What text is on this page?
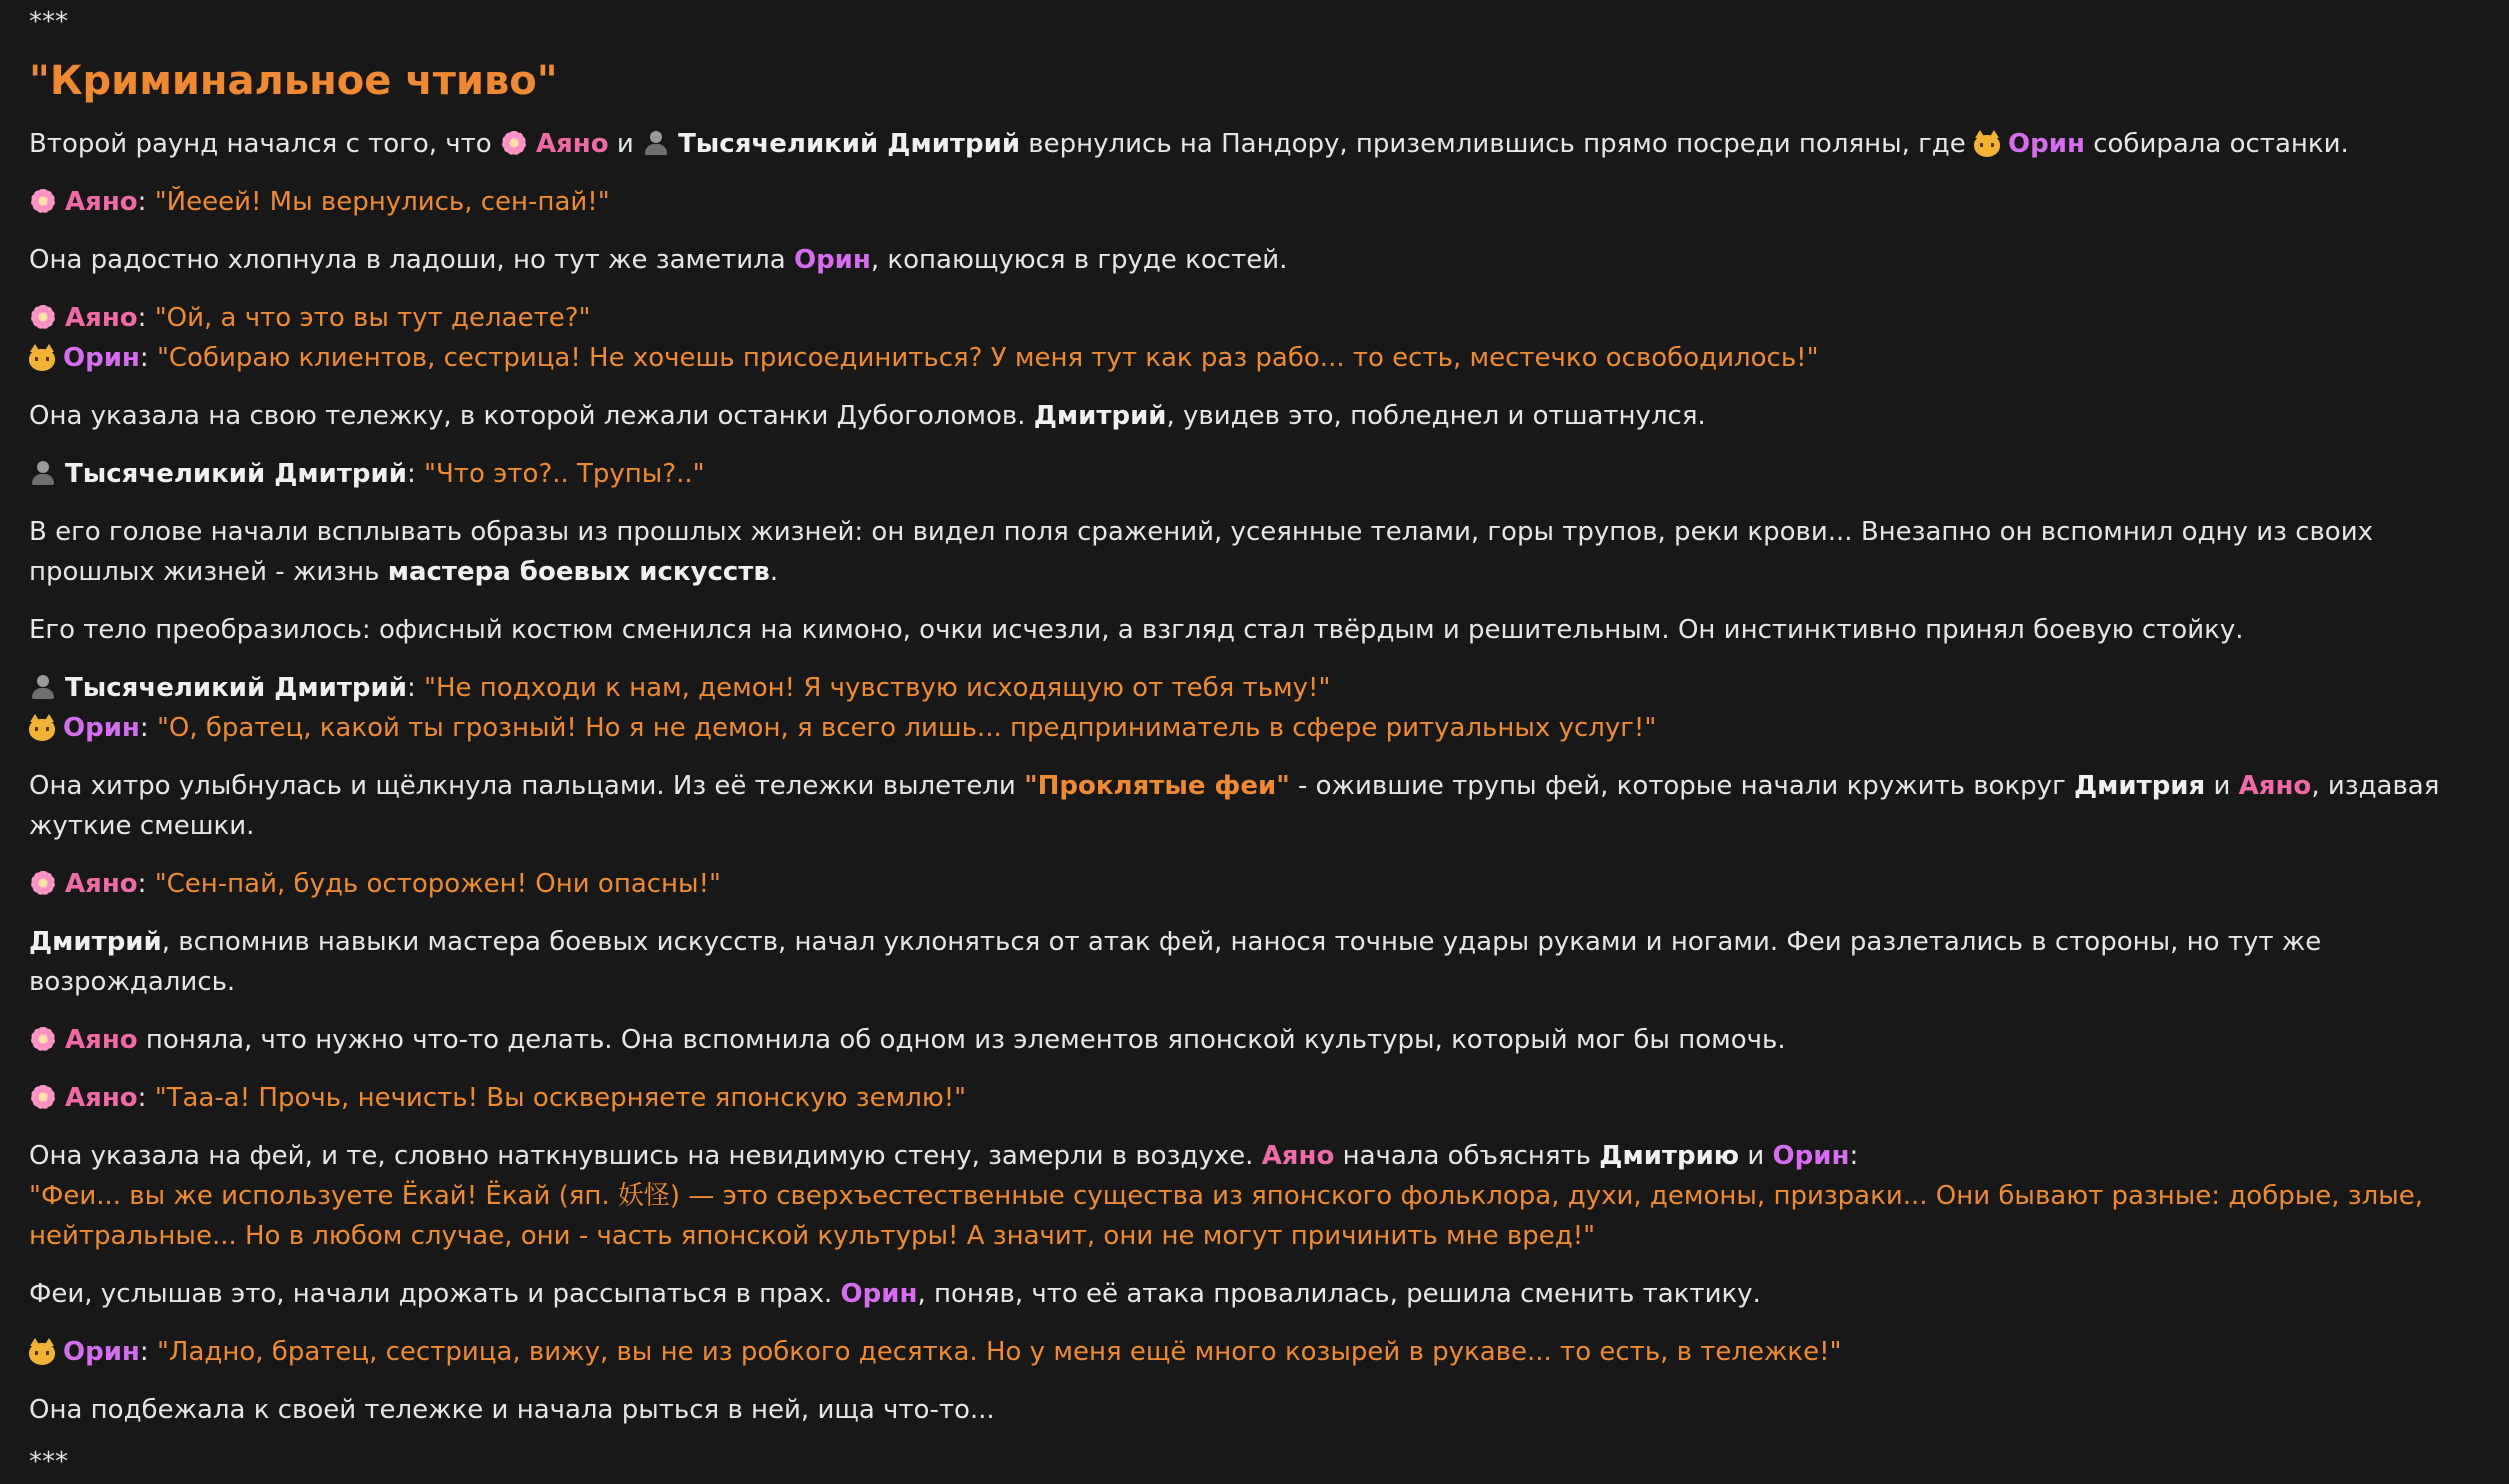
***
"Криминальное чтиво"

Второй раунд начался с того, что Аяно и Тысячеликий Дмитрий вернулись на Пандору, приземлившись прямо посреди поляны, где
Орин собирала останки.

Аяно: "Йееей! Мы вернулись, сен-пай!"

Она радостно хлопнула в ладоши, но тут же заметила Орин, копающуюся в груде костей.

Аяно: "Ой, а что это вы тут делаете?"
Орин: "Собираю клиентов, сестрица! Не хочешь присоединиться? У меня тут как раз рабо... то есть, местечко освободилось!"

Она указала на свою тележку, в которой лежали останки Дубоголомов. Дмитрий, увидев это, побледнел и отшатнулся.

Тысячеликий Дмитрий: "Что это?.. Трупы?.."

В его голове начали всплывать образы из прошлых жизней: он видел поля сражений, усеянные телами, горы трупов, реки крови... Внезапно он вспомнил одну из своих прошлых жизней - жизнь мастера боевых искусств.

Его тело преобразилось: офисный костюм сменился на кимоно, очки исчезли, а взгляд стал твёрдым и решительным. Он инстинктивно принял боевую стойку.

Тысячеликий Дмитрий: "Не подходи к нам, демон! Я чувствую исходящую от тебя тьму!"
Орин: "О, братец, какой ты грозный! Но я не демон, я всего лишь... предприниматель в сфере ритуальных услуг!"

Она хитро улыбнулась и щёлкнула пальцами. Из её тележки вылетели "Проклятые феи" - ожившие трупы фей, которые начали кружить вокруг Дмитрия и Аяно, издавая жуткие смешки.

Аяно: "Сен-пай, будь осторожен! Они опасны!"

Дмитрий, вспомнив навыки мастера боевых искусств, начал уклоняться от атак фей, нанося точные удары руками и ногами. Феи разлетались в стороны, но тут же возрождались.

Аяно поняла, что нужно что-то делать. Она вспомнила об одном из элементов японской культуры, который мог бы помочь.

Аяно: "Таа-а! Прочь, нечисть! Вы оскверняете японскую землю!"

Она указала на фей, и те, словно наткнувшись на невидимую стену, замерли в воздухе. Аяно начала объяснять Дмитрию и Орин:
"Феи... вы же используете Ёкай! Ёкай (яп. 妖怪) — это сверхъестественные существа из японского фольклора, духи, демоны, призраки... Они бывают разные: добрые, злые, нейтральные... Но в любом случае, они - часть японской культуры! А значит, они не могут причинить мне вред!"

Феи, услышав это, начали дрожать и рассыпаться в прах. Орин, поняв, что её атака провалилась, решила сменить тактику.

Орин: "Ладно, братец, сестрица, вижу, вы не из робкого десятка. Но у меня ещё много козырей в рукаве... то есть, в тележке!"

Она подбежала к своей тележке и начала рыться в ней, ища что-то...

***
